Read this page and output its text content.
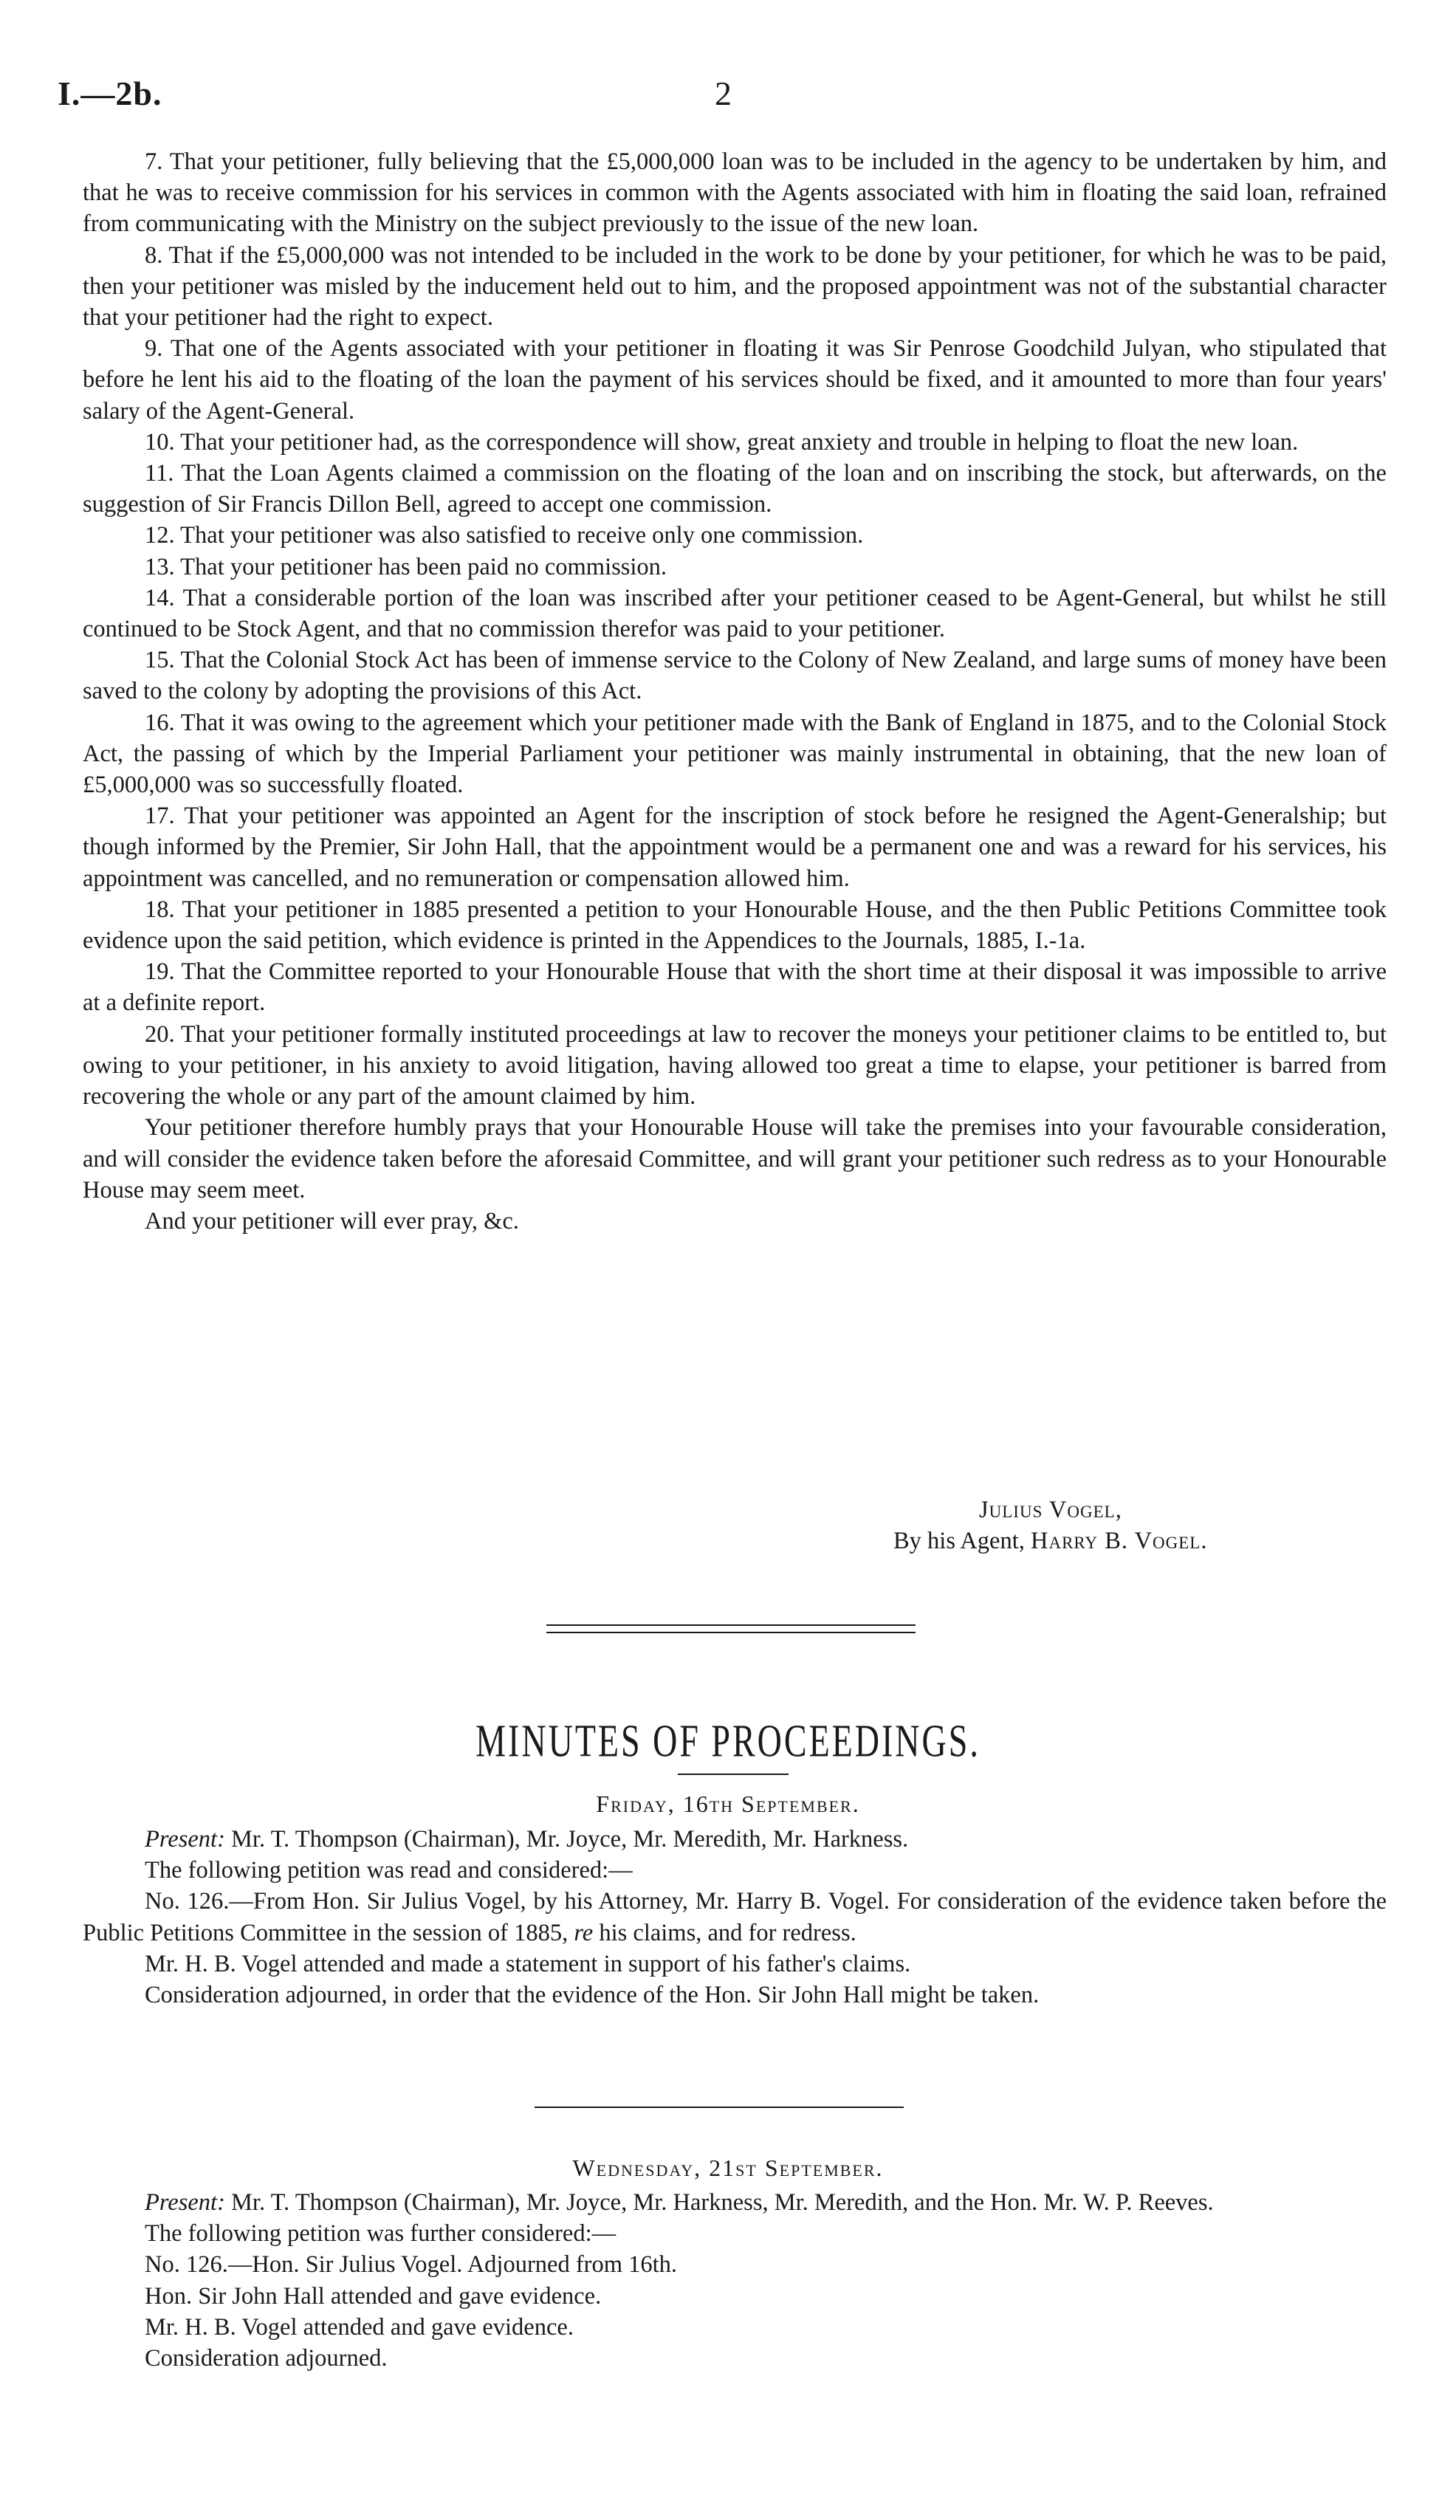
I.—2b.	2

7. That your petitioner, fully believing that the £5,000,000 loan was to be included in the agency to be undertaken by him, and that he was to receive commission for his services in common with the Agents associated with him in floating the said loan, refrained from communicating with the Ministry on the subject previously to the issue of the new loan.

8. That if the £5,000,000 was not intended to be included in the work to be done by your petitioner, for which he was to be paid, then your petitioner was misled by the inducement held out to him, and the proposed appointment was not of the substantial character that your petitioner had the right to expect.

9. That one of the Agents associated with your petitioner in floating it was Sir Penrose Goodchild Julyan, who stipulated that before he lent his aid to the floating of the loan the payment of his services should be fixed, and it amounted to more than four years' salary of the Agent-General.

10. That your petitioner had, as the correspondence will show, great anxiety and trouble in helping to float the new loan.

11. That the Loan Agents claimed a commission on the floating of the loan and on inscribing the stock, but afterwards, on the suggestion of Sir Francis Dillon Bell, agreed to accept one commission.

12. That your petitioner was also satisfied to receive only one commission.

13. That your petitioner has been paid no commission.

14. That a considerable portion of the loan was inscribed after your petitioner ceased to be Agent-General, but whilst he still continued to be Stock Agent, and that no commission therefor was paid to your petitioner.

15. That the Colonial Stock Act has been of immense service to the Colony of New Zealand, and large sums of money have been saved to the colony by adopting the provisions of this Act.

16. That it was owing to the agreement which your petitioner made with the Bank of England in 1875, and to the Colonial Stock Act, the passing of which by the Imperial Parliament your petitioner was mainly instrumental in obtaining, that the new loan of £5,000,000 was so successfully floated.

17. That your petitioner was appointed an Agent for the inscription of stock before he resigned the Agent-Generalship; but though informed by the Premier, Sir John Hall, that the appointment would be a permanent one and was a reward for his services, his appointment was cancelled, and no remuneration or compensation allowed him.

18. That your petitioner in 1885 presented a petition to your Honourable House, and the then Public Petitions Committee took evidence upon the said petition, which evidence is printed in the Appendices to the Journals, 1885, I.-1a.

19. That the Committee reported to your Honourable House that with the short time at their disposal it was impossible to arrive at a definite report.

20. That your petitioner formally instituted proceedings at law to recover the moneys your petitioner claims to be entitled to, but owing to your petitioner, in his anxiety to avoid litigation, having allowed too great a time to elapse, your petitioner is barred from recovering the whole or any part of the amount claimed by him.

Your petitioner therefore humbly prays that your Honourable House will take the premises into your favourable consideration, and will consider the evidence taken before the aforesaid Committee, and will grant your petitioner such redress as to your Honourable House may seem meet.

And your petitioner will ever pray, &c.

Julius Vogel,
By his Agent, Harry B. Vogel.
MINUTES OF PROCEEDINGS.
Friday, 16th September.

Present: Mr. T. Thompson (Chairman), Mr. Joyce, Mr. Meredith, Mr. Harkness.

The following petition was read and considered:—

No. 126.—From Hon. Sir Julius Vogel, by his Attorney, Mr. Harry B. Vogel. For consideration of the evidence taken before the Public Petitions Committee in the session of 1885, re his claims, and for redress.

Mr. H. B. Vogel attended and made a statement in support of his father's claims.

Consideration adjourned, in order that the evidence of the Hon. Sir John Hall might be taken.

Wednesday, 21st September.

Present: Mr. T. Thompson (Chairman), Mr. Joyce, Mr. Harkness, Mr. Meredith, and the Hon. Mr. W. P. Reeves.

The following petition was further considered:—

No. 126.—Hon. Sir Julius Vogel. Adjourned from 16th.

Hon. Sir John Hall attended and gave evidence.

Mr. H. B. Vogel attended and gave evidence.

Consideration adjourned.
